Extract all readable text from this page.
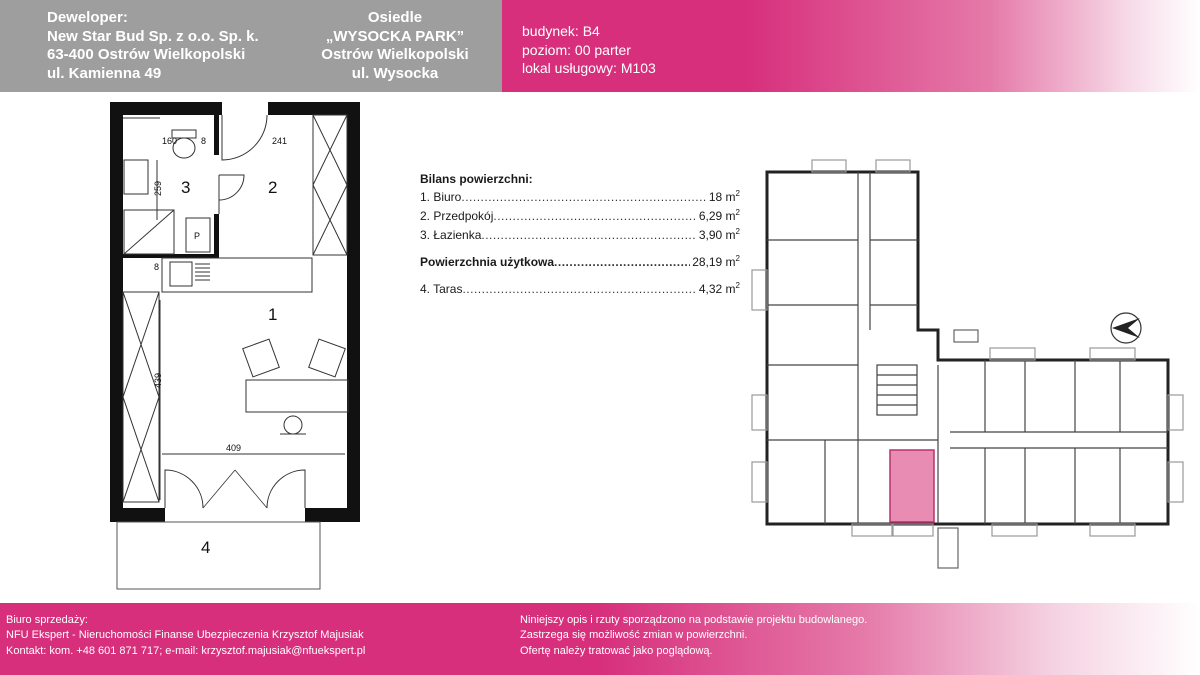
Deweloper:
New Star Bud Sp. z o.o. Sp. k.
63-400 Ostrów Wielkopolski
ul. Kamienna 49
Osiedle
„WYSOCKA PARK”
Ostrów Wielkopolski
ul. Wysocka
budynek: B4
poziom: 00 parter
lokal usługowy: M103
1
2
3
4
160	8	241
259
8
439
409
P
Bilans powierzchni:
1. Biuro .....	18 $m^2$
2. Przedpokój .....	6,29 $m^2$
3. Łazienka .....	3,90 $m^2$
Powierzchnia użytkowa .....	28,19 $m^2$
4. Taras .....	4,32 $m^2$
Biuro sprzedaży:
NFU Ekspert - Nieruchomości Finanse Ubezpieczenia Krzysztof Majusiak
Kontakt: kom. +48 601 871 717; e-mail: krzysztof.majusiak@nfuekspert.pl
Niniejszy opis i rzuty sporządzono na podstawie projektu budowlanego.
Zastrzega się możliwość zmian w powierzchni.
Ofertę należy tratować jako poglądową.
